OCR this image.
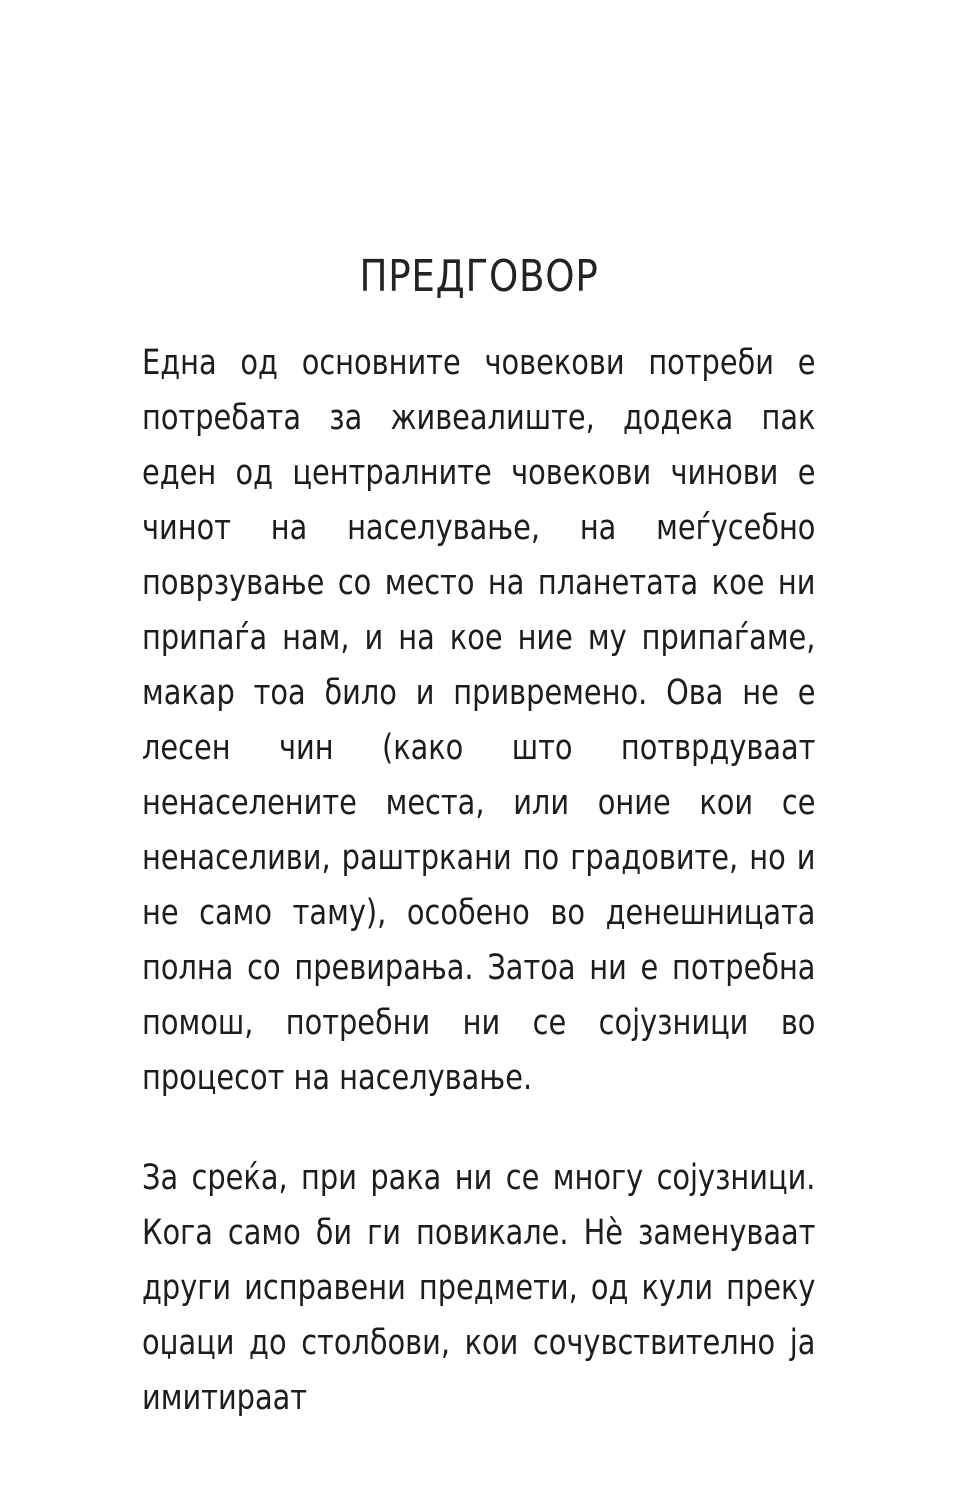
ПРЕДГОВОР

Една од основните човекови потреби е потребата за живеалиште, додека пак еден од централните човекови чинови е чинот на населување, на меѓусебно поврзување со место на планетата кое ни припаѓа нам, и на кое ние му припаѓаме, макар тоа било и привремено. Ова не е лесен чин (како што потврдуваат ненаселените места, или оние кои се ненаселиви, раштркани по градовите, но и не само таму), особено во денешницата полна со превирања. Затоа ни е потребна помош, потребни ни се сојузници во процесот на населување.

За среќа, при рака ни се многу сојузници. Кога само би ги повикале. Нè заменуваат други исправени предмети, од кули преку оџаци до столбови, кои сочувствително ја имитираат
